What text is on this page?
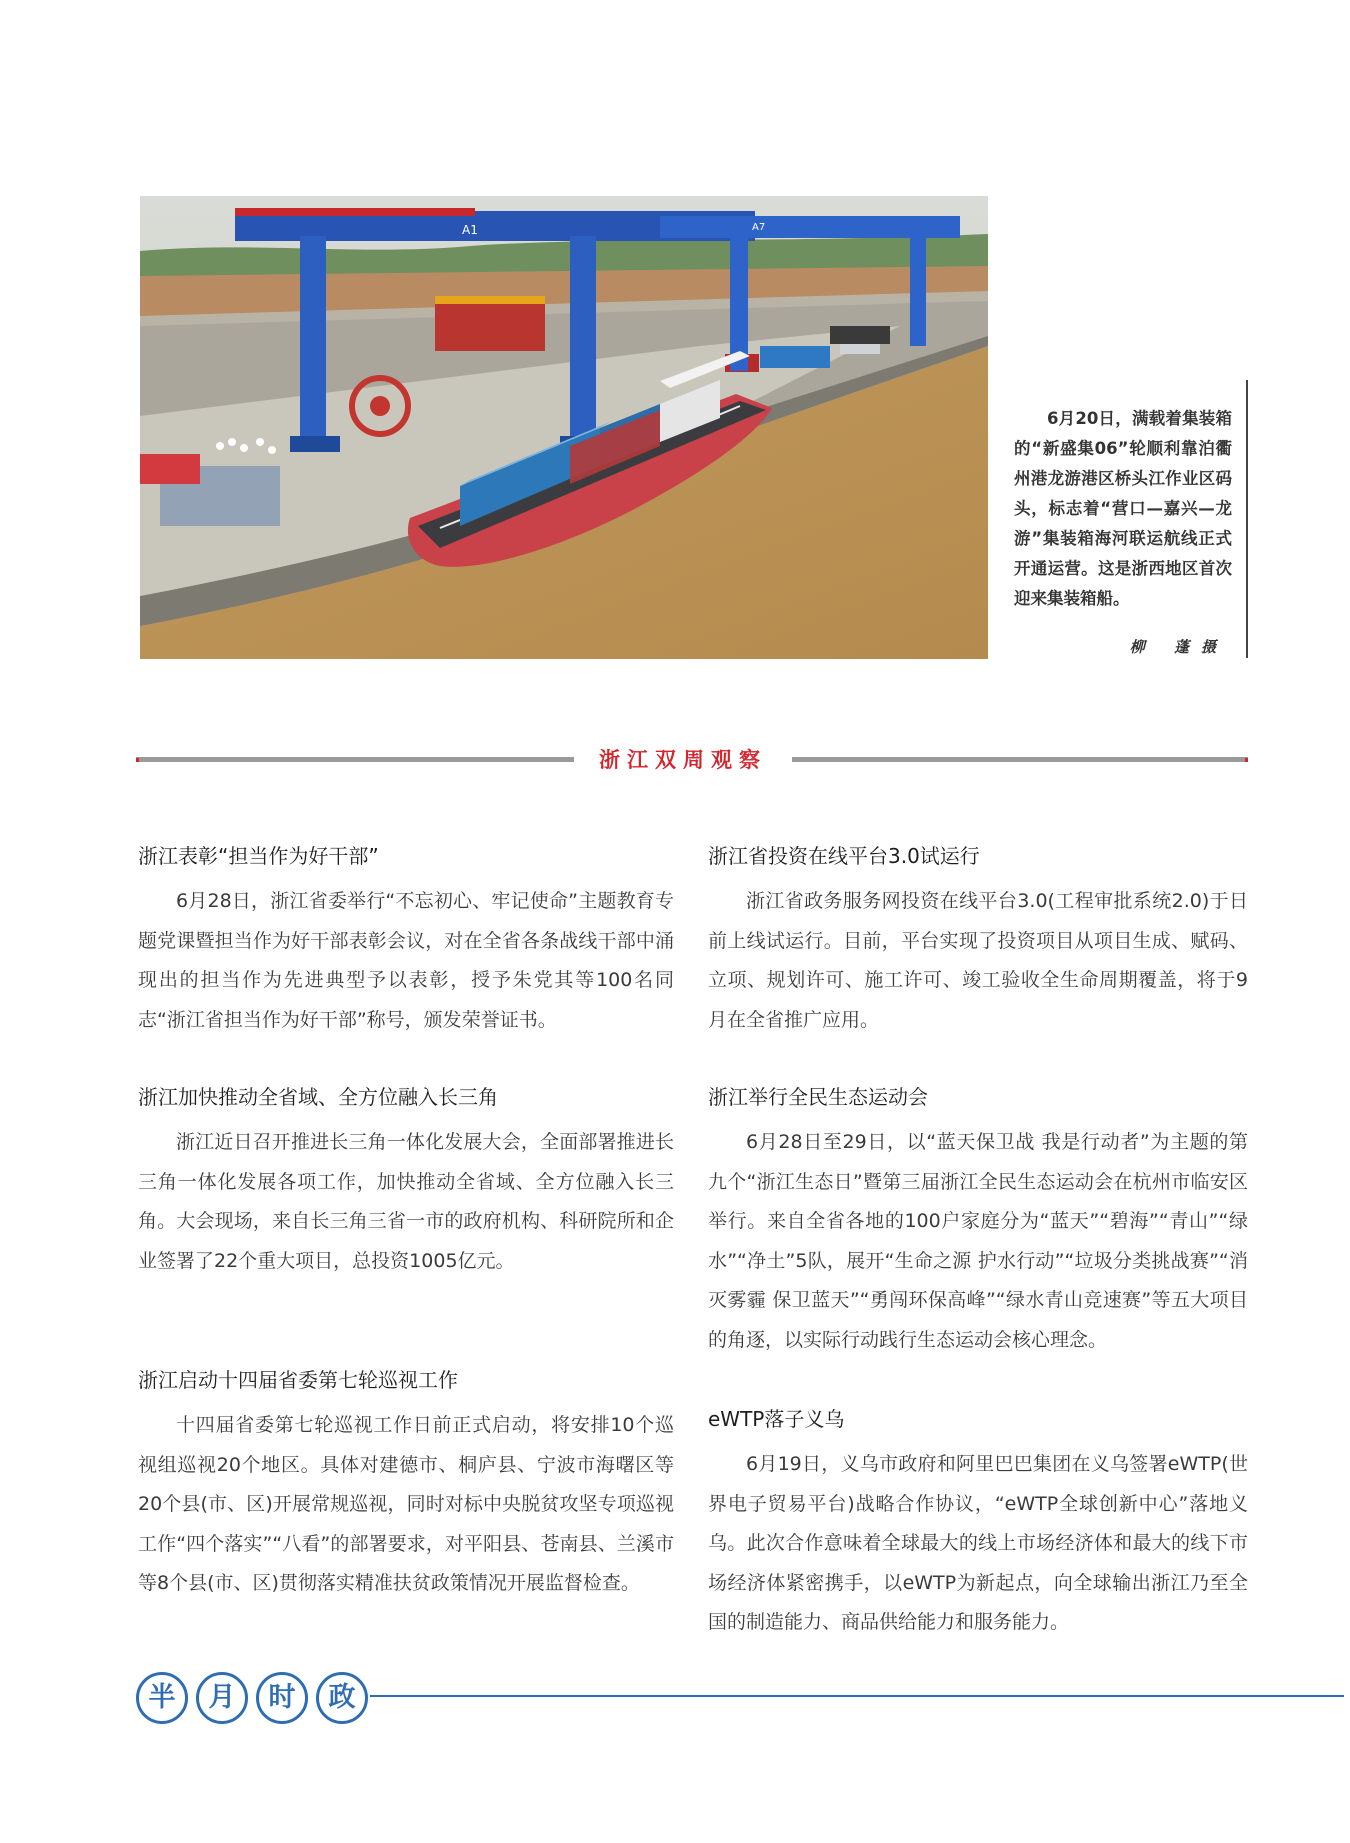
A1	A7
6月20日，满载着集装箱的“新盛集06”轮顺利靠泊衢州港龙游港区桥头江作业区码头，标志着“营口—嘉兴—龙游”集装箱海河联运航线正式开通运营。这是浙西地区首次迎来集装箱船。
柳 蓬摄
浙江双周观察
浙江表彰“担当作为好干部”

6月28日，浙江省委举行“不忘初心、牢记使命”主题教育专题党课暨担当作为好干部表彰会议，对在全省各条战线干部中涌现出的担当作为先进典型予以表彰，授予朱党其等100名同志“浙江省担当作为好干部”称号，颁发荣誉证书。

浙江加快推动全省域、全方位融入长三角

浙江近日召开推进长三角一体化发展大会，全面部署推进长三角一体化发展各项工作，加快推动全省域、全方位融入长三角。大会现场，来自长三角三省一市的政府机构、科研院所和企业签署了22个重大项目，总投资1005亿元。

浙江启动十四届省委第七轮巡视工作

十四届省委第七轮巡视工作日前正式启动，将安排10个巡视组巡视20个地区。具体对建德市、桐庐县、宁波市海曙区等20个县(市、区)开展常规巡视，同时对标中央脱贫攻坚专项巡视工作“四个落实”“八看”的部署要求，对平阳县、苍南县、兰溪市等8个县(市、区)贯彻落实精准扶贫政策情况开展监督检查。

浙江省投资在线平台3.0试运行

浙江省政务服务网投资在线平台3.0(工程审批系统2.0)于日前上线试运行。目前，平台实现了投资项目从项目生成、赋码、立项、规划许可、施工许可、竣工验收全生命周期覆盖，将于9月在全省推广应用。

浙江举行全民生态运动会

6月28日至29日，以“蓝天保卫战 我是行动者”为主题的第九个“浙江生态日”暨第三届浙江全民生态运动会在杭州市临安区举行。来自全省各地的100户家庭分为“蓝天”“碧海”“青山”“绿水”“净土”5队，展开“生命之源 护水行动”“垃圾分类挑战赛”“消灭雾霾 保卫蓝天”“勇闯环保高峰”“绿水青山竞速赛”等五大项目的角逐，以实际行动践行生态运动会核心理念。

eWTP落子义乌

6月19日，义乌市政府和阿里巴巴集团在义乌签署eWTP(世界电子贸易平台)战略合作协议，“eWTP全球创新中心”落地义乌。此次合作意味着全球最大的线上市场经济体和最大的线下市场经济体紧密携手，以eWTP为新起点，向全球输出浙江乃至全国的制造能力、商品供给能力和服务能力。

半	月	时	政
